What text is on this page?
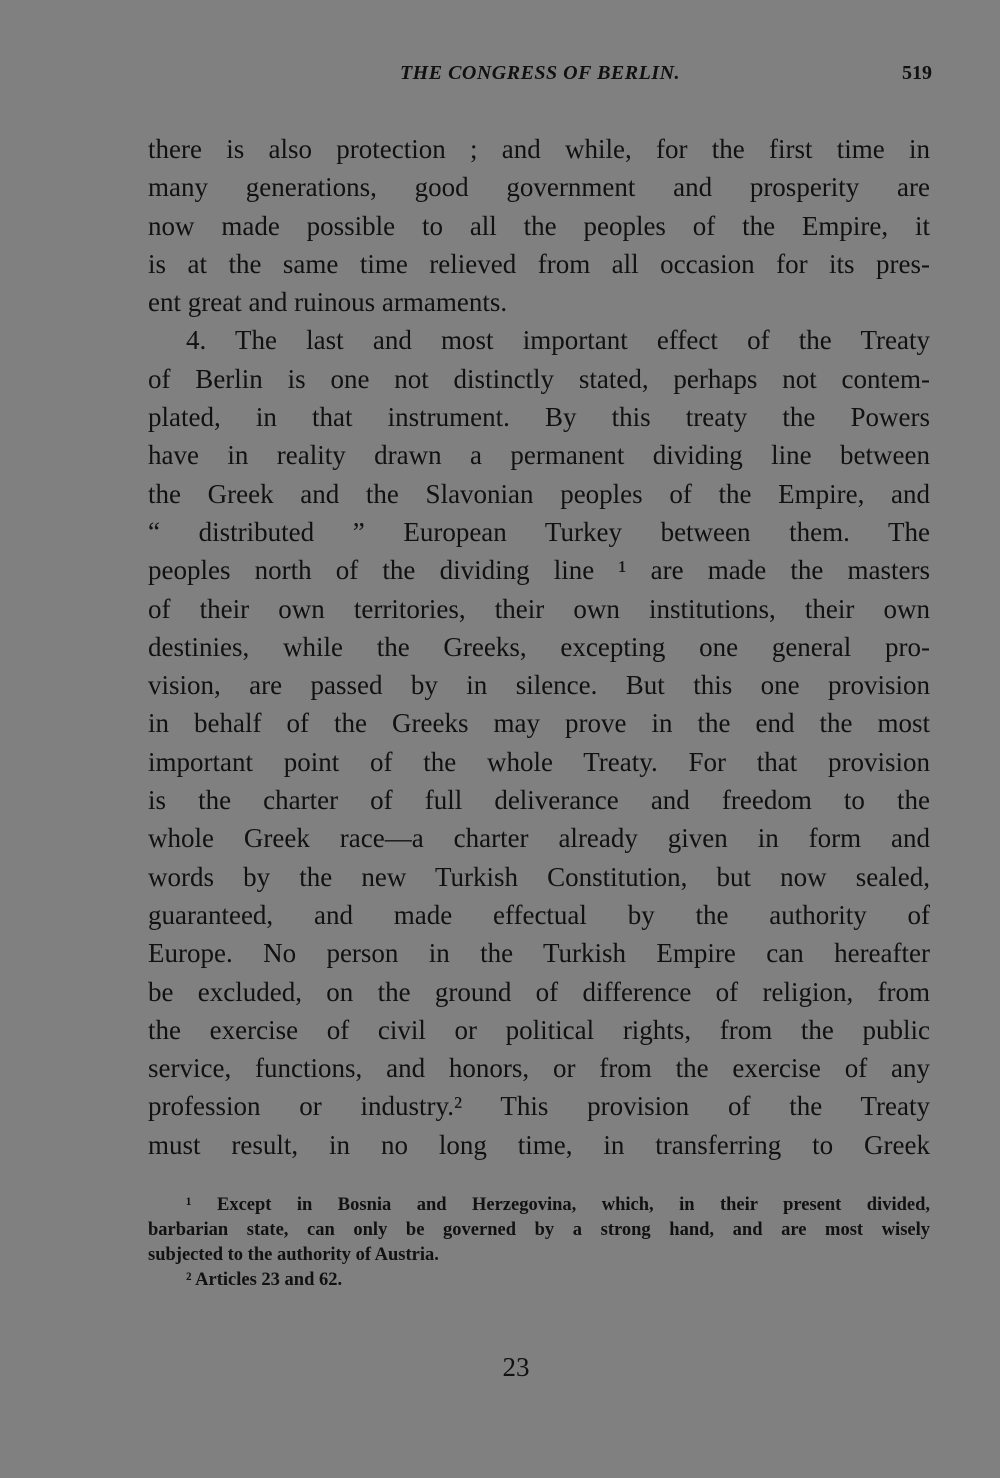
THE CONGRESS OF BERLIN.	519
there is also protection ; and while, for the first time in
many generations, good government and prosperity are
now made possible to all the peoples of the Empire, it
is at the same time relieved from all occasion for its pres-
ent great and ruinous armaments.
4. The last and most important effect of the Treaty
of Berlin is one not distinctly stated, perhaps not contem-
plated, in that instrument. By this treaty the Powers
have in reality drawn a permanent dividing line between
the Greek and the Slavonian peoples of the Empire, and
“ distributed ” European Turkey between them. The
peoples north of the dividing line ¹ are made the masters
of their own territories, their own institutions, their own
destinies, while the Greeks, excepting one general pro-
vision, are passed by in silence. But this one provision
in behalf of the Greeks may prove in the end the most
important point of the whole Treaty. For that provision
is the charter of full deliverance and freedom to the
whole Greek race—a charter already given in form and
words by the new Turkish Constitution, but now sealed,
guaranteed, and made effectual by the authority of
Europe. No person in the Turkish Empire can hereafter
be excluded, on the ground of difference of religion, from
the exercise of civil or political rights, from the public
service, functions, and honors, or from the exercise of any
profession or industry.² This provision of the Treaty
must result, in no long time, in transferring to Greek
¹ Except in Bosnia and Herzegovina, which, in their present divided,
barbarian state, can only be governed by a strong hand, and are most wisely
subjected to the authority of Austria.
² Articles 23 and 62.
23
